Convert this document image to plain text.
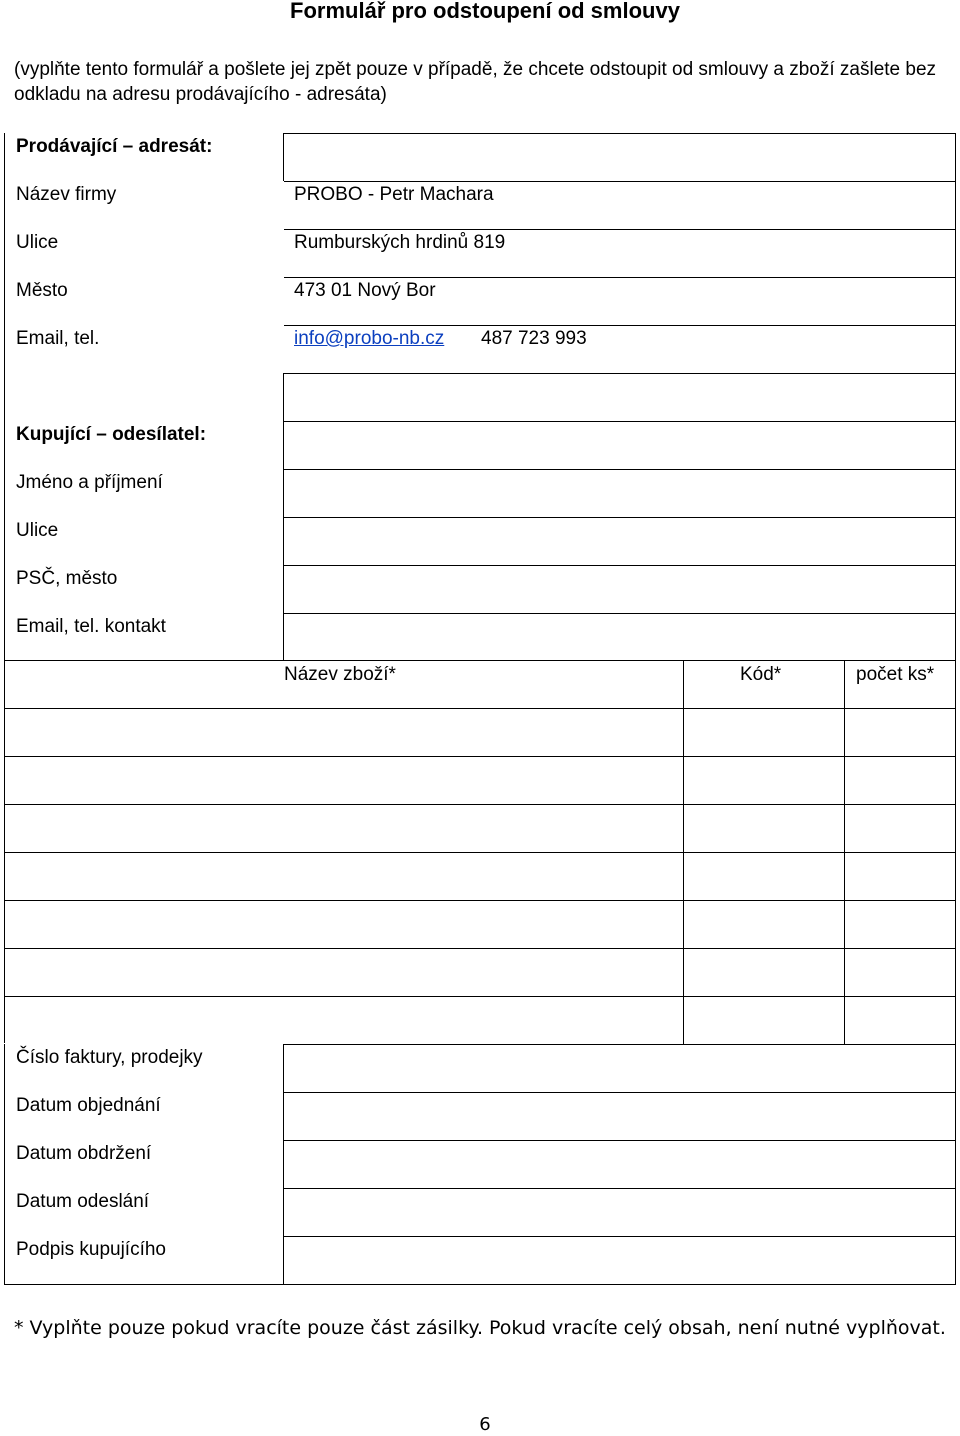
Formulář pro odstoupení od smlouvy
(vyplňte tento formulář a pošlete jej zpět pouze v případě, že chcete odstoupit od smlouvy a zboží zašlete bez odkladu na adresu prodávajícího - adresáta)
Prodávající – adresát:
Název firmy	PROBO - Petr Machara
Ulice	Rumburských hrdinů 819
Město	473 01 Nový Bor
Email, tel.	info@probo-nb.cz 487 723 993
Kupující – odesílatel:
Jméno a příjmení
Ulice
PSČ, město
Email, tel. kontakt
Název zboží*	Kód*	počet ks*
Číslo faktury, prodejky
Datum objednání
Datum obdržení
Datum odeslání
Podpis kupujícího
* Vyplňte pouze pokud vracíte pouze část zásilky. Pokud vracíte celý obsah, není nutné vyplňovat.
6
